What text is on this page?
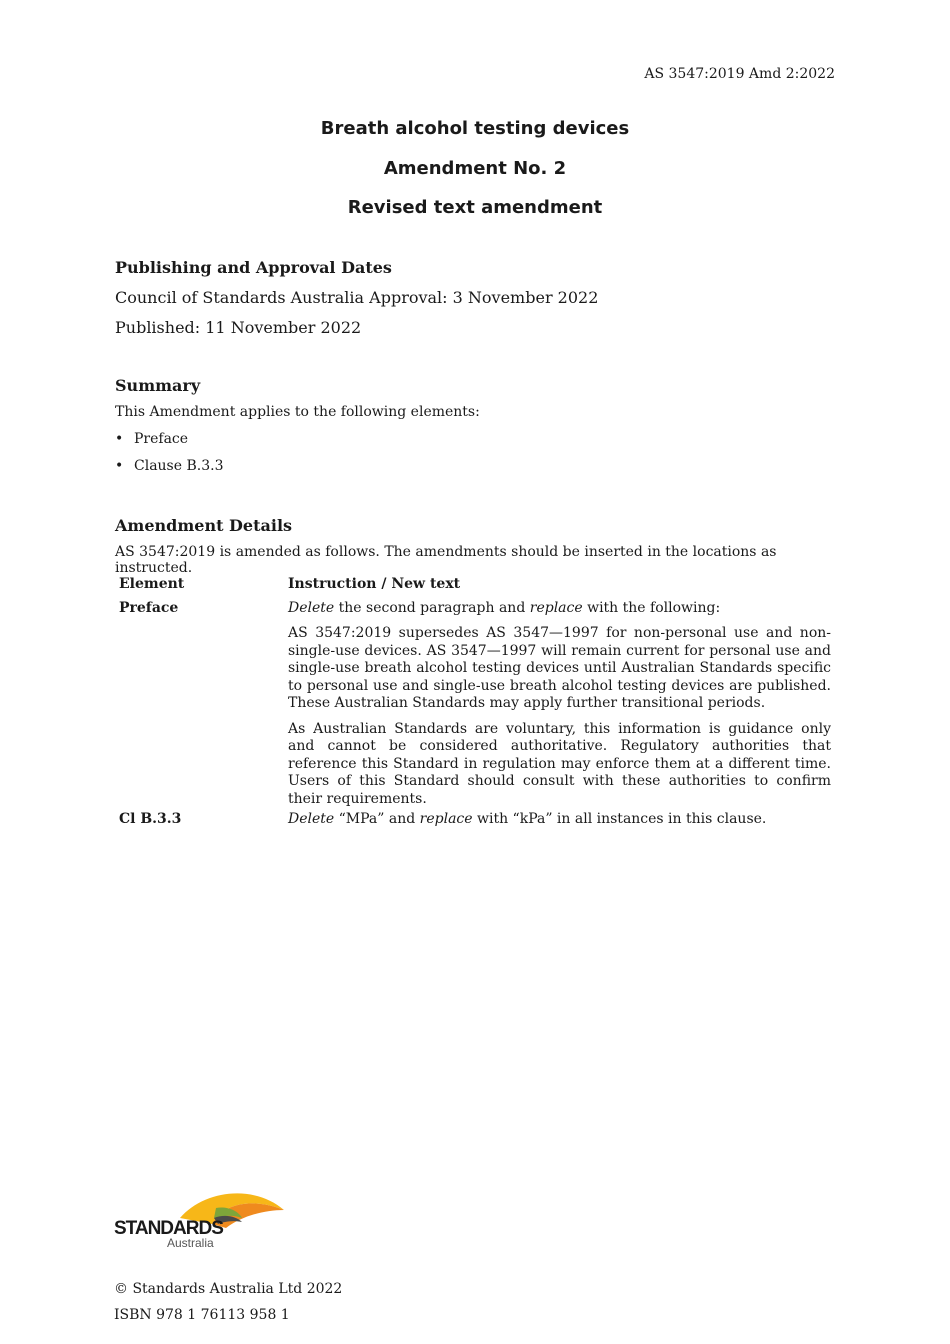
AS 3547:2019 Amd 2:2022
Breath alcohol testing devices
Amendment No. 2
Revised text amendment
Publishing and Approval Dates
Council of Standards Australia Approval: 3 November 2022
Published: 11 November 2022
Summary
This Amendment applies to the following elements:
• Preface
• Clause B.3.3
Amendment Details
AS 3547:2019 is amended as follows. The amendments should be inserted in the locations as instructed.
Element	Instruction / New text
Preface	Delete the second paragraph and replace with the following:
AS 3547:2019 supersedes AS 3547—1997 for non-personal use and non-single-use devices. AS 3547—1997 will remain current for personal use and single-use breath alcohol testing devices until Australian Standards specific to personal use and single-use breath alcohol testing devices are published. These Australian Standards may apply further transitional periods.
As Australian Standards are voluntary, this information is guidance only and cannot be considered authoritative. Regulatory authorities that reference this Standard in regulation may enforce them at a different time. Users of this Standard should consult with these authorities to confirm their requirements.

Cl B.3.3	Delete “MPa” and replace with “kPa” in all instances in this clause.
STANDARDS
Australia
© Standards Australia Ltd 2022
ISBN 978 1 76113 958 1
